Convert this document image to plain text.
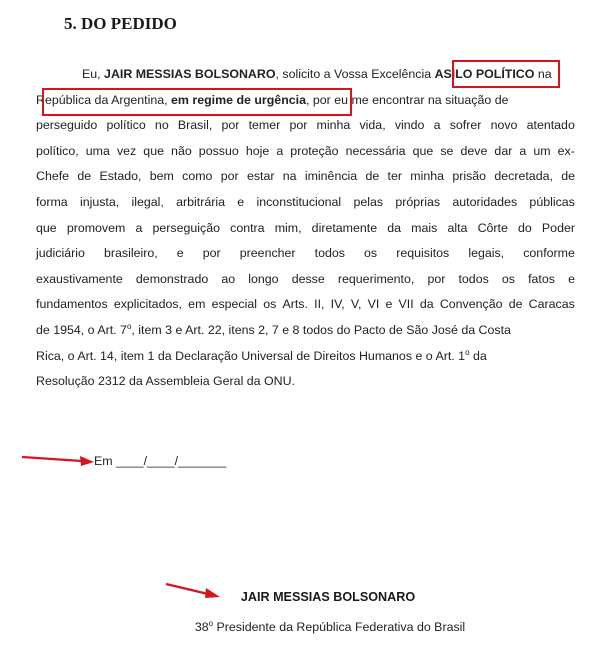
5. DO PEDIDO
Eu, JAIR MESSIAS BOLSONARO, solicito a Vossa Excelência ASILO POLÍTICO na
República da Argentina, em regime de urgência, por eu me encontrar na situação de
perseguido político no Brasil, por temer por minha vida, vindo a sofrer novo atentado
político, uma vez que não possuo hoje a proteção necessária que se deve dar a um ex-
Chefe de Estado, bem como por estar na iminência de ter minha prisão decretada, de
forma injusta, ilegal, arbitrária e inconstitucional pelas próprias autoridades públicas
que promovem a perseguição contra mim, diretamente da mais alta Côrte do Poder
judiciário brasileiro, e por preencher todos os requisitos legais, conforme
exaustivamente demonstrado ao longo desse requerimento, por todos os fatos e
fundamentos explicitados, em especial os Arts. II, IV, V, VI e VII da Convenção de Caracas
de 1954, o Art. 7$^o$, item 3 e Art. 22, itens 2, 7 e 8 todos do Pacto de São José da Costa
Rica, o Art. 14, item 1 da Declaração Universal de Direitos Humanos e o Art. 1$^o$ da
Resolução 2312 da Assembleia Geral da ONU.
Em ____/____/_______
JAIR MESSIAS BOLSONARO
38$^o$ Presidente da República Federativa do Brasil
